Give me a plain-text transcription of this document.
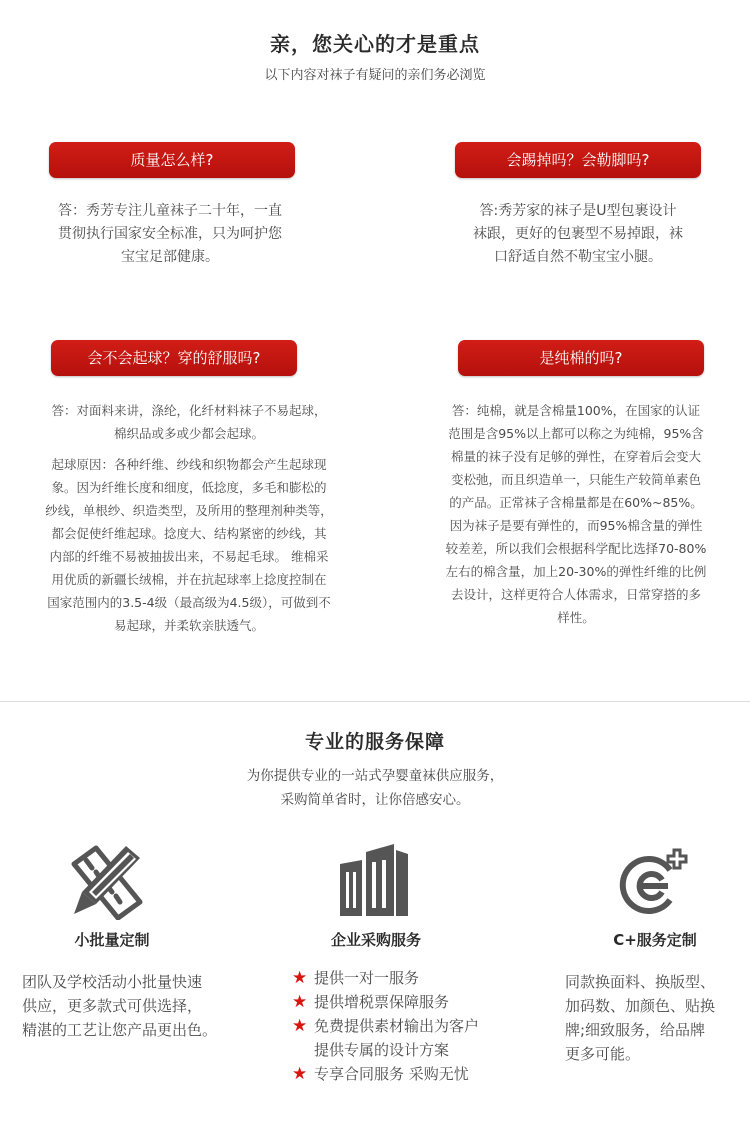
亲，您关心的才是重点
以下内容对袜子有疑问的亲们务必浏览
质量怎么样?
答：秀芳专注儿童袜子二十年，一直
贯彻执行国家安全标准，只为呵护您
宝宝足部健康。
会踢掉吗？会勒脚吗?
答:秀芳家的袜子是U型包裹设计
袜跟，更好的包裹型不易掉跟，袜
口舒适自然不勒宝宝小腿。
会不会起球？穿的舒服吗?

答：对面料来讲，涤纶，化纤材料袜子不易起球，
棉织品或多或少都会起球。

起球原因：各种纤维、纱线和织物都会产生起球现
象。因为纤维长度和细度，低捻度，多毛和膨松的
纱线，单根纱、织造类型，及所用的整理剂种类等，
都会促使纤维起球。捻度大、结构紧密的纱线，其
内部的纤维不易被抽拔出来，不易起毛球。 维棉采
用优质的新疆长绒棉，并在抗起球率上捻度控制在
国家范围内的3.5-4级（最高级为4.5级），可做到不
易起球，并柔软亲肤透气。

是纯棉的吗?
答：纯棉，就是含棉量100%，在国家的认证
范围是含95%以上都可以称之为纯棉，95%含
棉量的袜子没有足够的弹性，在穿着后会变大
变松弛，而且织造单一，只能生产较简单素色
的产品。正常袜子含棉量都是在60%~85%。
因为袜子是要有弹性的，而95%棉含量的弹性
较差差，所以我们会根据科学配比选择70-80%
左右的棉含量，加上20-30%的弹性纤维的比例
去设计，这样更符合人体需求，日常穿搭的多
样性。
专业的服务保障
为你提供专业的一站式孕婴童袜供应服务，
采购简单省时，让你倍感安心。
小批量定制
团队及学校活动小批量快速
供应，更多款式可供选择，
精湛的工艺让您产品更出色。
企业采购服务
★ 提供一对一服务
★ 提供增税票保障服务
★ 免费提供素材输出为客户
提供专属的设计方案
★ 专享合同服务 采购无忧
C+服务定制
同款换面料、换版型、
加码数、加颜色、贴换
牌;细致服务，给品牌
更多可能。
